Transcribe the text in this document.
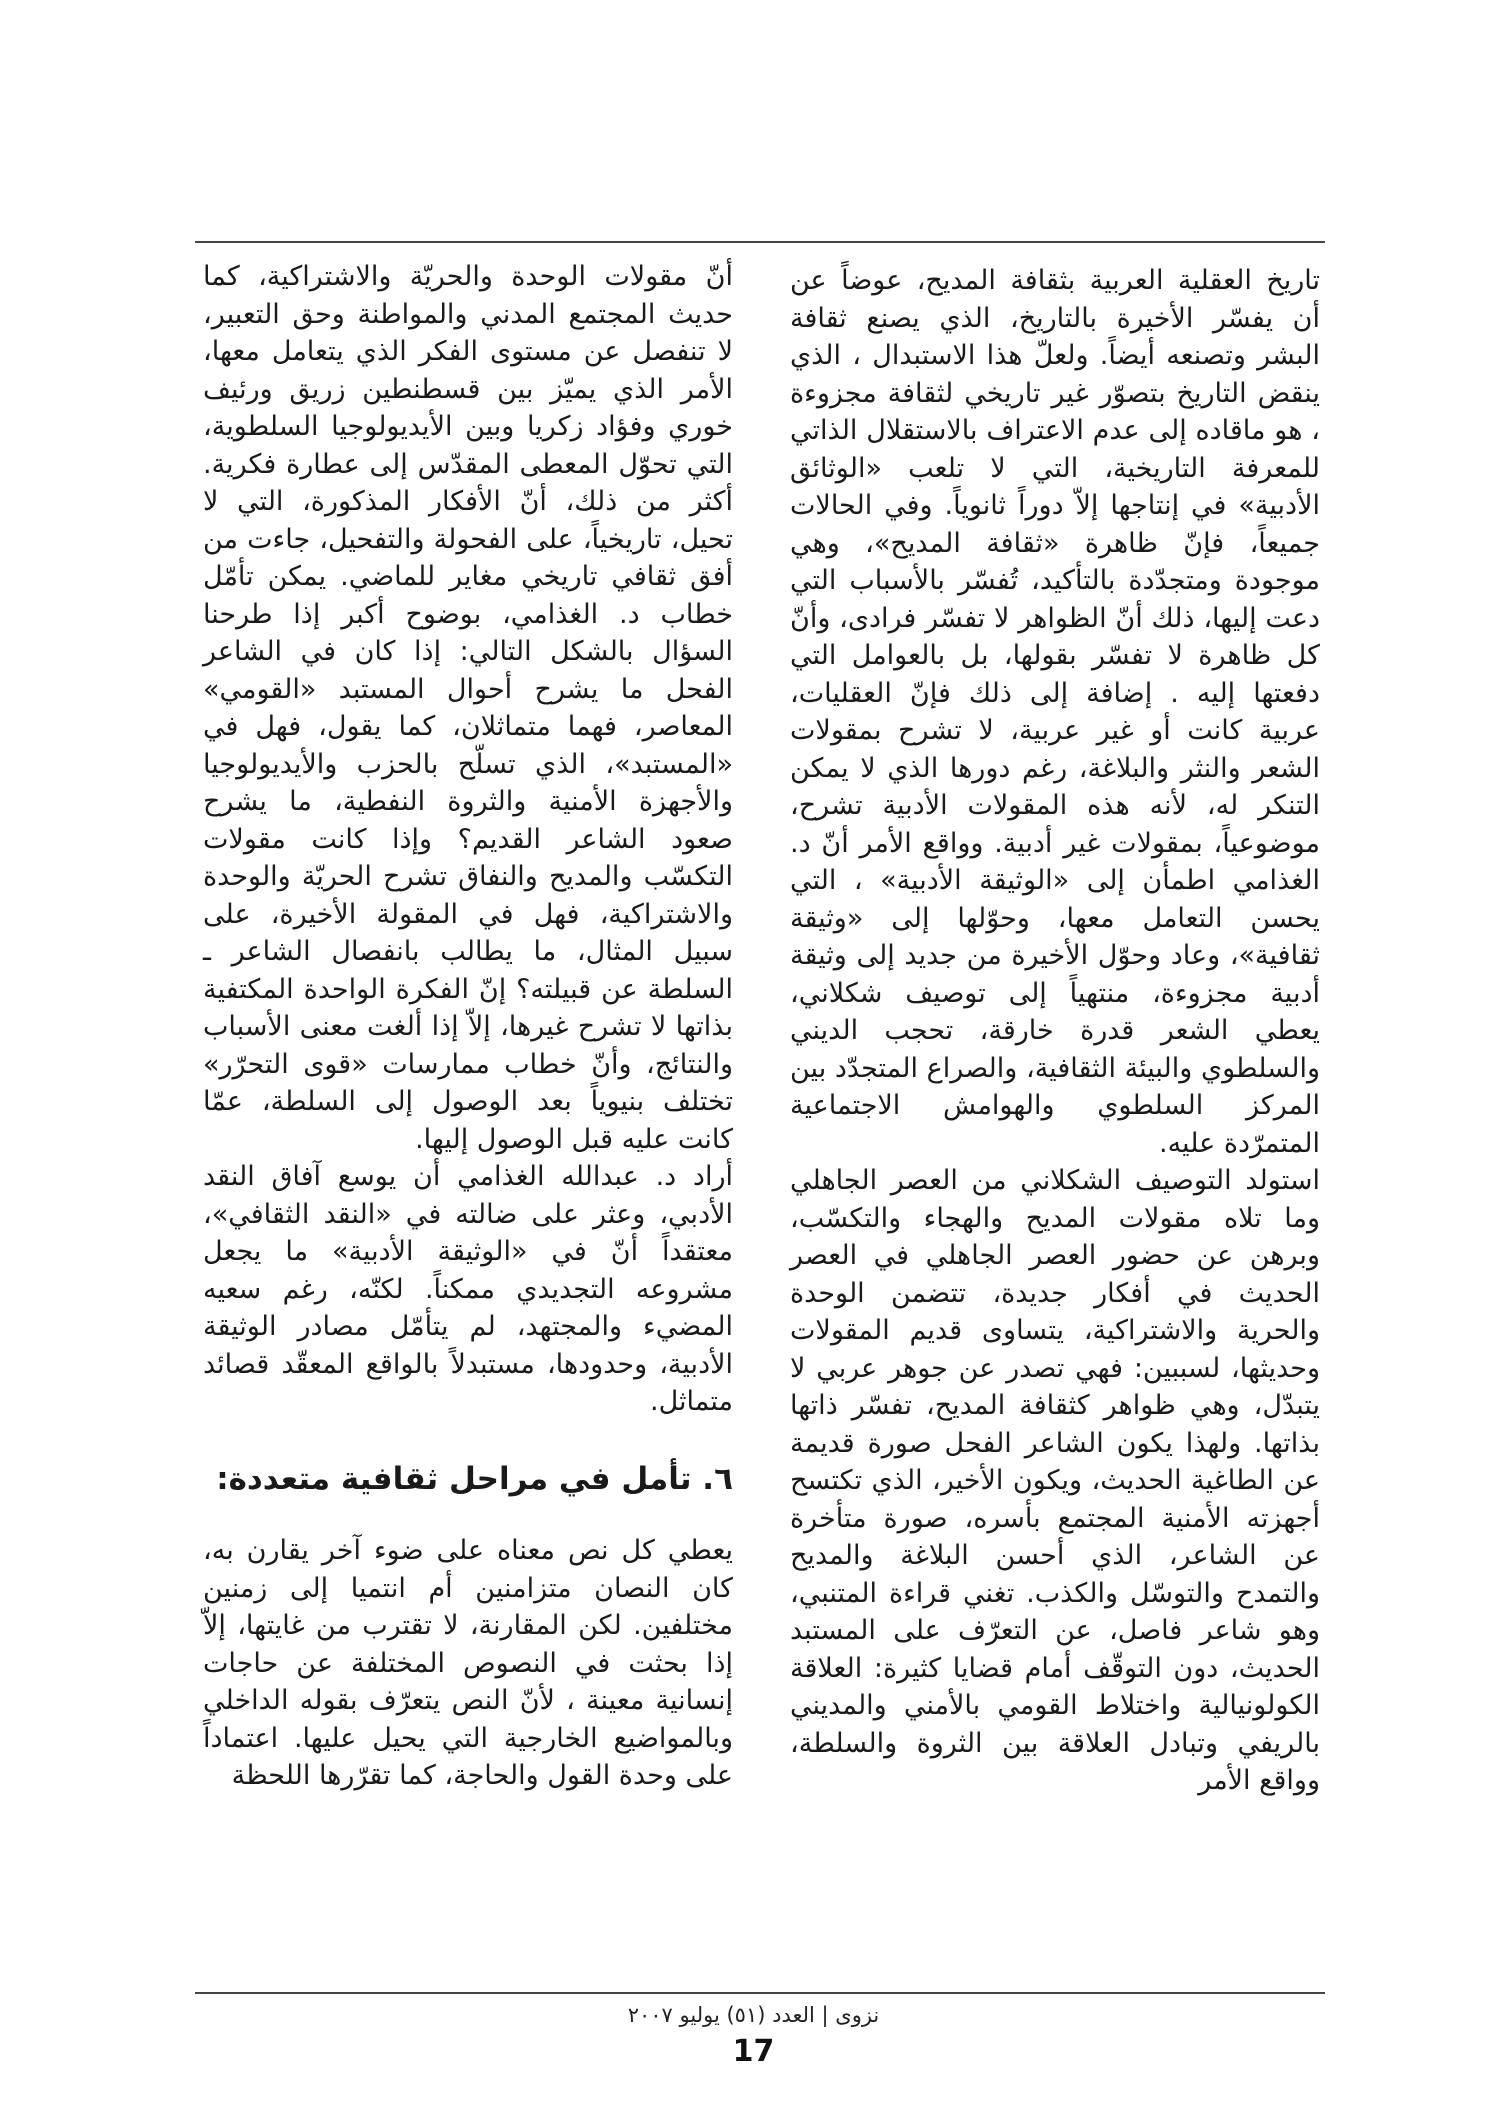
تاريخ العقلية العربية بثقافة المديح، عوضاً عن أن يفسّر الأخيرة بالتاريخ، الذي يصنع ثقافة البشر وتصنعه أيضاً. ولعلّ هذا الاستبدال ، الذي ينقض التاريخ بتصوّر غير تاريخي لثقافة مجزوءة ، هو ماقاده إلى عدم الاعتراف بالاستقلال الذاتي للمعرفة التاريخية، التي لا تلعب «الوثائق الأدبية» في إنتاجها إلاّ دوراً ثانوياً. وفي الحالات جميعاً، فإنّ ظاهرة «ثقافة المديح»، وهي موجودة ومتجدّدة بالتأكيد، تُفسّر بالأسباب التي دعت إليها، ذلك أنّ الظواهر لا تفسّر فرادى، وأنّ كل ظاهرة لا تفسّر بقولها، بل بالعوامل التي دفعتها إليه . إضافة إلى ذلك فإنّ العقليات، عربية كانت أو غير عربية، لا تشرح بمقولات الشعر والنثر والبلاغة، رغم دورها الذي لا يمكن التنكر له، لأنه هذه المقولات الأدبية تشرح، موضوعياً، بمقولات غير أدبية. وواقع الأمر أنّ د. الغذامي اطمأن إلى «الوثيقة الأدبية» ، التي يحسن التعامل معها، وحوّلها إلى «وثيقة ثقافية»، وعاد وحوّل الأخيرة من جديد إلى وثيقة أدبية مجزوءة، منتهياً إلى توصيف شكلاني، يعطي الشعر قدرة خارقة، تحجب الديني والسلطوي والبيئة الثقافية، والصراع المتجدّد بين المركز السلطوي والهوامش الاجتماعية المتمرّدة عليه.

استولد التوصيف الشكلاني من العصر الجاهلي وما تلاه مقولات المديح والهجاء والتكسّب، وبرهن عن حضور العصر الجاهلي في العصر الحديث في أفكار جديدة، تتضمن الوحدة والحرية والاشتراكية، يتساوى قديم المقولات وحديثها، لسببين: فهي تصدر عن جوهر عربي لا يتبدّل، وهي ظواهر كثقافة المديح، تفسّر ذاتها بذاتها. ولهذا يكون الشاعر الفحل صورة قديمة عن الطاغية الحديث، ويكون الأخير، الذي تكتسح أجهزته الأمنية المجتمع بأسره، صورة متأخرة عن الشاعر، الذي أحسن البلاغة والمديح والتمدح والتوسّل والكذب. تغني قراءة المتنبي، وهو شاعر فاصل، عن التعرّف على المستبد الحديث، دون التوقّف أمام قضايا كثيرة: العلاقة الكولونيالية واختلاط القومي بالأمني والمديني بالريفي وتبادل العلاقة بين الثروة والسلطة، وواقع الأمر

أنّ مقولات الوحدة والحريّة والاشتراكية، كما حديث المجتمع المدني والمواطنة وحق التعبير، لا تنفصل عن مستوى الفكر الذي يتعامل معها، الأمر الذي يميّز بين قسطنطين زريق ورئيف خوري وفؤاد زكريا وبين الأيديولوجيا السلطوية، التي تحوّل المعطى المقدّس إلى عطارة فكرية. أكثر من ذلك، أنّ الأفكار المذكورة، التي لا تحيل، تاريخياً، على الفحولة والتفحيل، جاءت من أفق ثقافي تاريخي مغاير للماضي. يمكن تأمّل خطاب د. الغذامي، بوضوح أكبر إذا طرحنا السؤال بالشكل التالي: إذا كان في الشاعر الفحل ما يشرح أحوال المستبد «القومي» المعاصر، فهما متماثلان، كما يقول، فهل في «المستبد»، الذي تسلّح بالحزب والأيديولوجيا والأجهزة الأمنية والثروة النفطية، ما يشرح صعود الشاعر القديم؟ وإذا كانت مقولات التكسّب والمديح والنفاق تشرح الحريّة والوحدة والاشتراكية، فهل في المقولة الأخيرة، على سبيل المثال، ما يطالب بانفصال الشاعر ـ السلطة عن قبيلته؟ إنّ الفكرة الواحدة المكتفية بذاتها لا تشرح غيرها، إلاّ إذا ألغت معنى الأسباب والنتائج، وأنّ خطاب ممارسات «قوى التحرّر» تختلف بنيوياً بعد الوصول إلى السلطة، عمّا كانت عليه قبل الوصول إليها.

أراد د. عبدالله الغذامي أن يوسع آفاق النقد الأدبي، وعثر على ضالته في «النقد الثقافي»، معتقداً أنّ في «الوثيقة الأدبية» ما يجعل مشروعه التجديدي ممكناً. لكنّه، رغم سعيه المضيء والمجتهد، لم يتأمّل مصادر الوثيقة الأدبية، وحدودها، مستبدلاً بالواقع المعقّد قصائد متماثل.

٦. تأمل في مراحل ثقافية متعددة:

يعطي كل نص معناه على ضوء آخر يقارن به، كان النصان متزامنين أم انتميا إلى زمنين مختلفين. لكن المقارنة، لا تقترب من غايتها، إلاّ إذا بحثت في النصوص المختلفة عن حاجات إنسانية معينة ، لأنّ النص يتعرّف بقوله الداخلي وبالمواضيع الخارجية التي يحيل عليها. اعتماداً على وحدة القول والحاجة، كما تقرّرها اللحظة

نزوى | العدد (٥١) يوليو ٢٠٠٧
17
